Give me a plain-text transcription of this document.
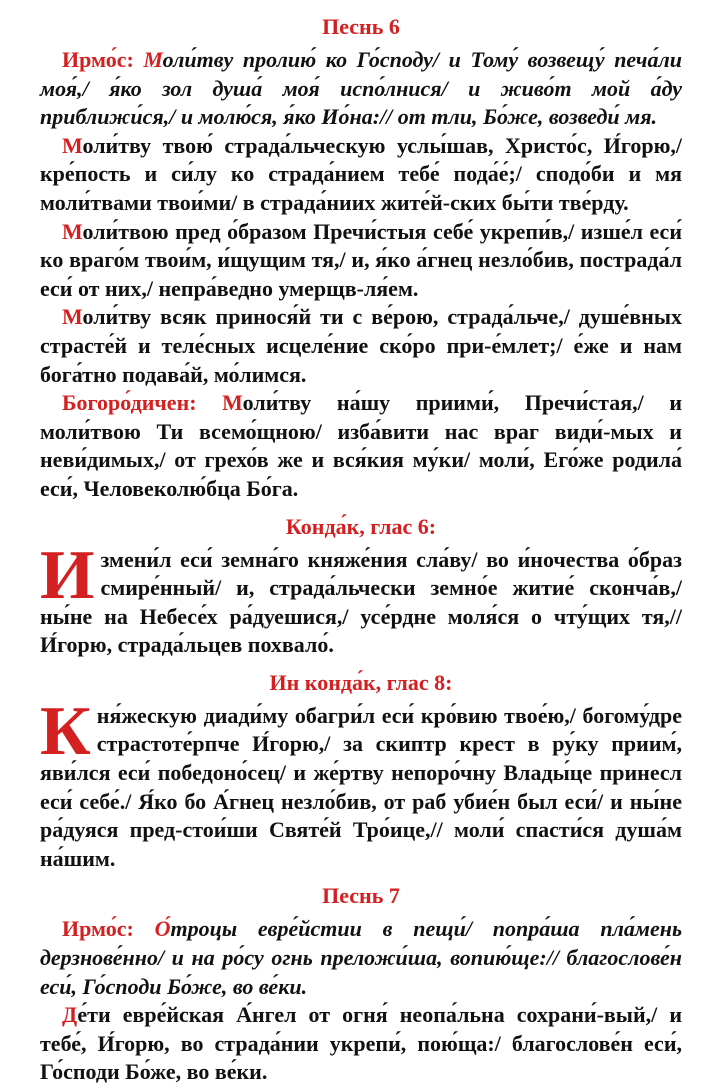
Песнь 6

Ирмо́с: Моли́тву пролию́ ко Го́споду/ и Тому́ возвещу́ печа́ли моя́,/ я́ко зол душа́ моя́ испо́лнися/ и живо́т мой а́ду приближи́ся,/ и молю́ся, я́ко Ио́на:// от тли, Бо́же, возведи́ мя.

Моли́тву твою́ страда́льческую услы́шав, Христо́с, И́горю,/ кре́пость и си́лу ко страда́нием тебе́ пода́е́;/ сподо́би и мя моли́твами твои́ми/ в страда́ниих жите́й-ских бы́ти тве́рду.

Моли́твою пред о́бразом Пречи́стыя себе́ укрепи́в,/ изше́л еси́ ко враго́м твои́м, и́щущим тя,/ и, я́ко а́гнец незло́бив, пострада́л еси́ от них,/ непра́ведно умерщв-ля́ем.

Моли́тву всяк принося́й ти с ве́рою, страда́льче,/ душе́вных страсте́й и теле́сных исцеле́ние ско́ро при-е́млет;/ е́же и нам бога́тно подава́й, мо́лимся.

Богоро́дичен: Моли́тву на́шу приими́, Пречи́стая,/ и моли́твою Ти всемо́щною/ изба́вити нас враг види́-мых и неви́димых,/ от грехо́в же и вся́кия му́ки/ моли́, Его́же родила́ еси́, Человеколю́бца Бо́га.

Конда́к, глас 6:

Измени́л еси́ земна́го княже́ния сла́ву/ во и́ночества о́браз смире́нный/ и, страда́льчески земно́е житие́ сконча́в,/ ны́не на Небесе́х ра́дуешися,/ усе́рдне моля́ся о чту́щих тя,// И́горю, страда́льцев похвало́.

Ин конда́к, глас 8:

Кня́жескую диади́му обагри́л еси́ кро́вию твое́ю,/ богому́дре страстоте́рпче И́горю,/ за скиптр крест в ру́ку приим́, яви́лся еси́ победоно́сец/ и же́ртву непоро́чну Влады́це принесл еси́ себе́./ Я́ко бо А́гнец незло́бив, от раб убие́н был еси́/ и ны́не ра́дуяся пред-стои́ши Святе́й Тро́ице,// моли́ спасти́ся душа́м на́шим.

Песнь 7

Ирмо́с: О́троцы евре́йстии в пещи́/ попра́ша пла́мень дерзнове́нно/ и на ро́су огнь преложи́ша, вопию́ще:// благослове́н еси́, Го́споди Бо́же, во ве́ки.

Де́ти евре́йская А́нгел от огня́ неопа́льна сохрани́-вый,/ и тебе́, И́горю, во страда́нии укрепи́, пою́ща:/ благослове́н еси́, Го́споди Бо́же, во ве́ки.
